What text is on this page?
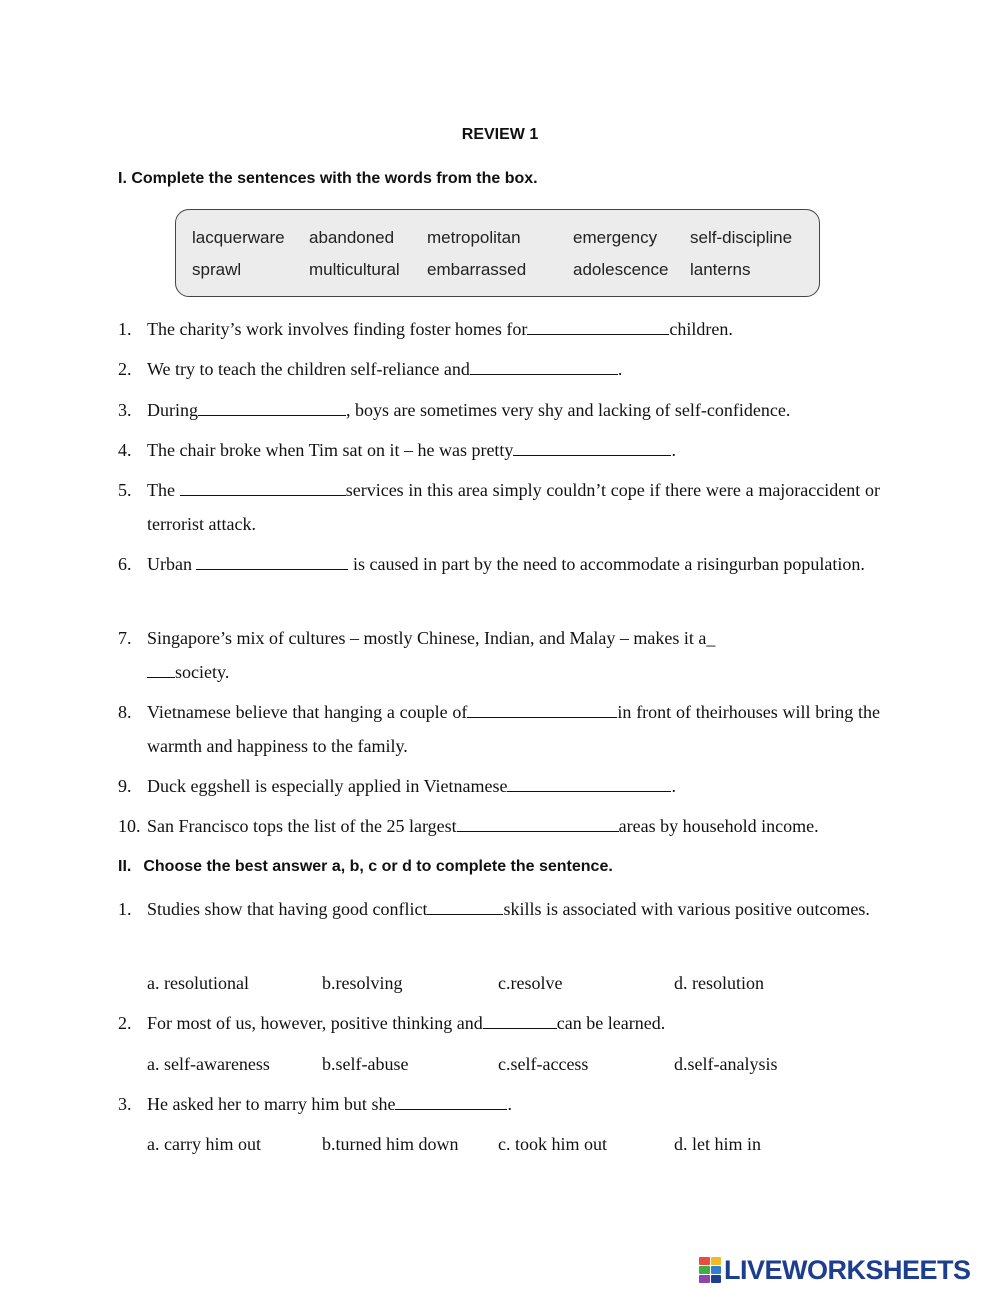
REVIEW 1
I. Complete the sentences with the words from the box.
lacquerware abandoned metropolitan	emergency self-discipline
sprawl	multicultural embarrassed	adolescence lanterns
1. The charity’s work involves finding foster homes for	children.
2. We try to teach the children self-reliance and	.
3. During	, boys are sometimes very shy and lacking of self-confidence.
4. The chair broke when Tim sat on it – he was pretty	.
5. The	services in this area simply couldn’t cope if there were a majoraccident or terrorist attack.
6. Urban	is caused in part by the need to accommodate a risingurban population.
7. Singapore’s mix of cultures – mostly Chinese, Indian, and Malay – makes it a_
society.
8. Vietnamese believe that hanging a couple of	in front of theirhouses will bring the warmth and happiness to the family.
9. Duck eggshell is especially applied in Vietnamese	.
10. San Francisco tops the list of the 25 largest	areas by household income.
II. Choose the best answer a, b, c or d to complete the sentence.
1. Studies show that having good conflict	skills is associated with various positive outcomes.
a. resolutional	b.resolving	c.resolve	d. resolution
2. For most of us, however, positive thinking and	can be learned.
a. self-awareness	b.self-abuse	c.self-access	d.self-analysis
3. He asked her to marry him but she	.
a. carry him out	b.turned him down c. took him out	d. let him in
LIVEWORKSHEETS
